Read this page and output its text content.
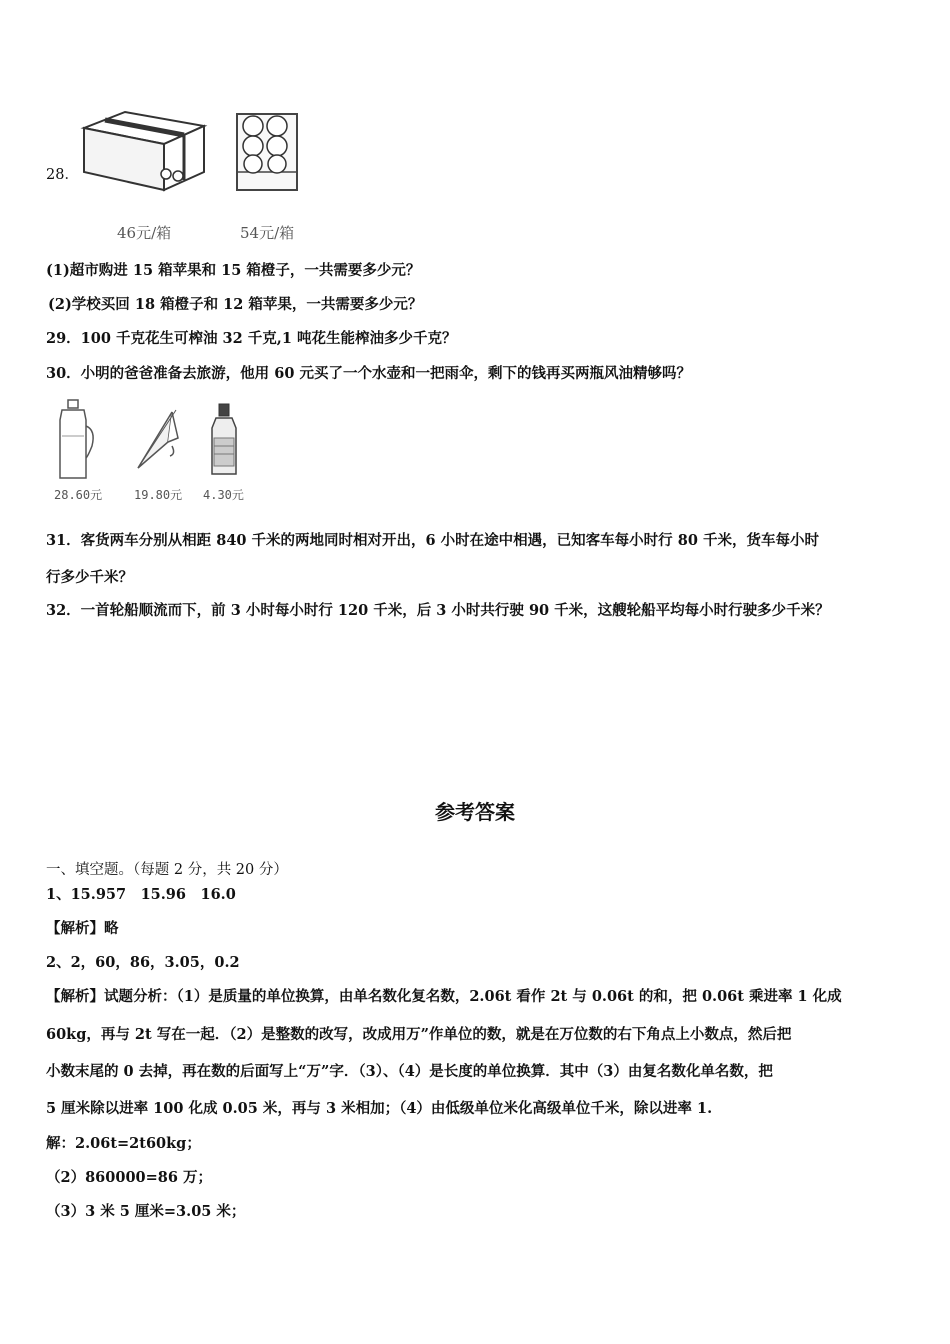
28．
46元/箱	54元/箱
(1)超市购进 15 箱苹果和 15 箱橙子，一共需要多少元？
(2)学校买回 18 箱橙子和 12 箱苹果，一共需要多少元？
29．100 千克花生可榨油 32 千克,1 吨花生能榨油多少千克？
30．小明的爸爸准备去旅游，他用 60 元买了一个水壶和一把雨伞，剩下的钱再买两瓶风油精够吗？
28.60元	19.80元 4.30元
31．客货两车分别从相距 840 千米的两地同时相对开出，6 小时在途中相遇，已知客车每小时行 80 千米，货车每小时
行多少千米？
32．一首轮船顺流而下，前 3 小时每小时行 120 千米，后 3 小时共行驶 90 千米，这艘轮船平均每小时行驶多少千米？
参考答案
一、填空题。（每题 2 分，共 20 分）
1、15.957　15.96　16.0
【解析】略
2、2，60，86，3.05，0.2
【解析】试题分析：（1）是质量的单位换算，由单名数化复名数，2.06t 看作 2t 与 0.06t 的和，把 0.06t 乘进率 1 化成
60kg，再与 2t 写在一起．（2）是整数的改写，改成用万”作单位的数，就是在万位数的右下角点上小数点，然后把
小数末尾的 0 去掉，再在数的后面写上“万”字．（3）、（4）是长度的单位换算．其中（3）由复名数化单名数，把
5 厘米除以进率 100 化成 0.05 米，再与 3 米相加；（4）由低级单位米化高级单位千米，除以进率 1.
解：2.06t=2t60kg；
（2）860000=86 万；
（3）3 米 5 厘米=3.05 米；
